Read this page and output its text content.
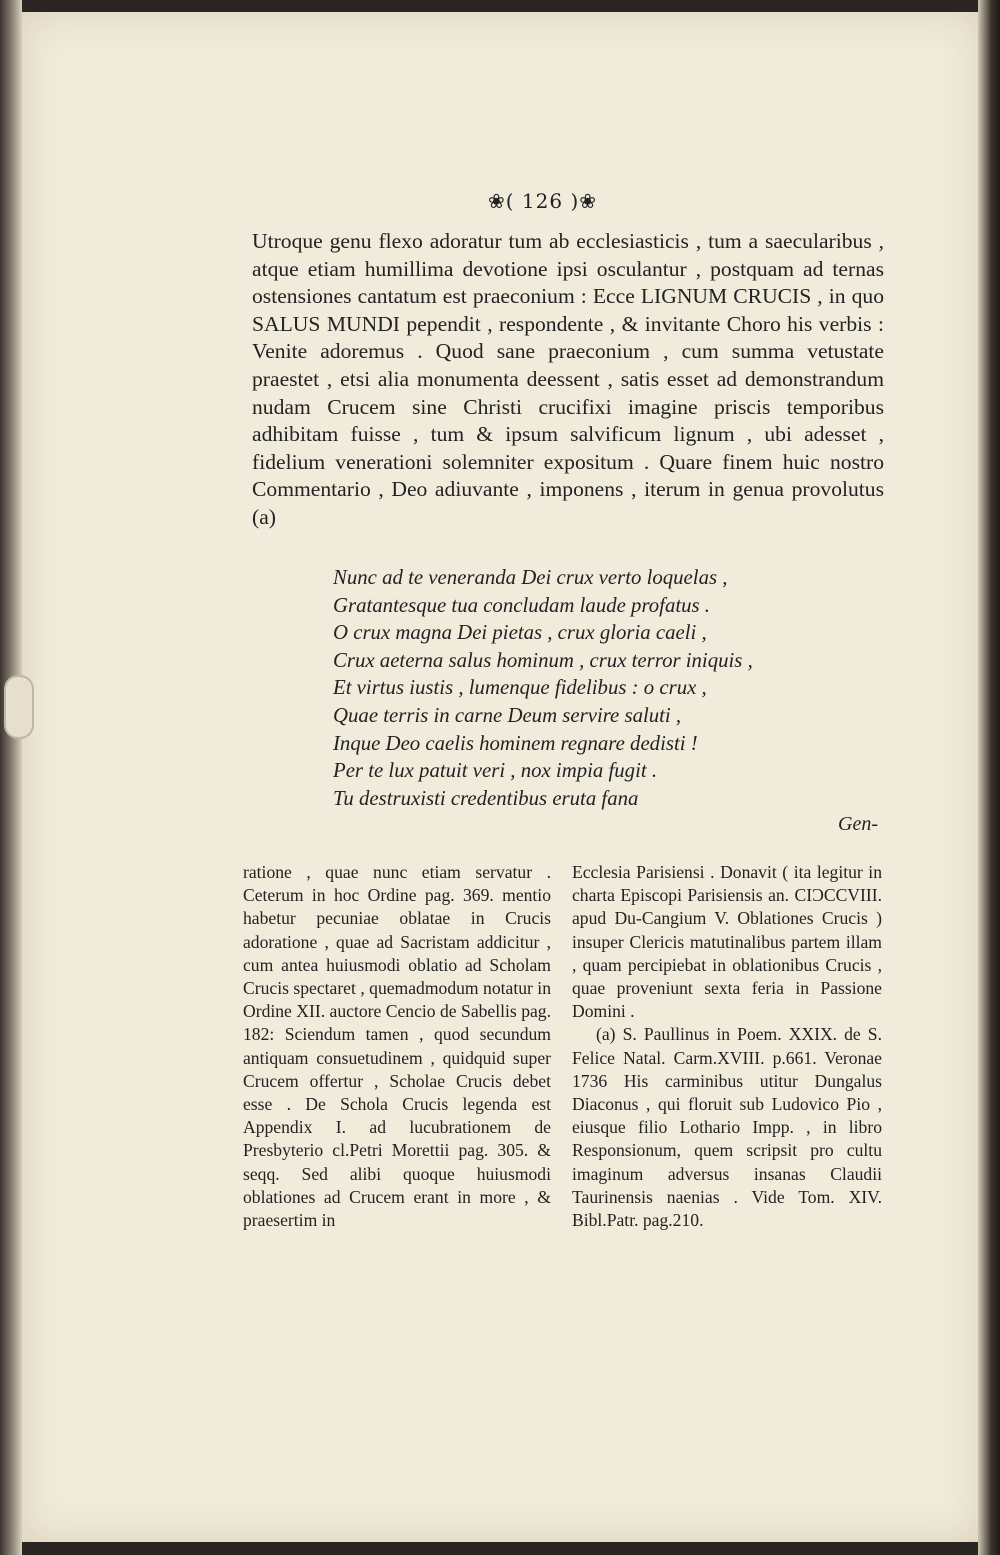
❀( 126 )❀

Utroque genu flexo adoratur tum ab ecclesiasticis , tum a saecularibus , atque etiam humillima devotione ipsi osculantur , postquam ad ternas ostensiones cantatum est praeconium : Ecce LIGNUM CRUCIS , in quo SALUS MUNDI pependit , respondente , & invitante Choro his verbis : Venite adoremus . Quod sane praeconium , cum summa vetustate praestet , etsi alia monumenta deessent , satis esset ad demonstrandum nudam Crucem sine Christi crucifixi imagine priscis temporibus adhibitam fuisse , tum & ipsum salvificum lignum , ubi adesset , fidelium venerationi solemniter expositum . Quare finem huic nostro Commentario , Deo adiuvante , imponens , iterum in genua provolutus (a)

Nunc ad te veneranda Dei crux verto loquelas ,
Gratantesque tua concludam laude profatus .
O crux magna Dei pietas , crux gloria caeli ,
Crux aeterna salus hominum , crux terror iniquis ,
Et virtus iustis , lumenque fidelibus : o crux ,
Quae terris in carne Deum servire saluti ,
Inque Deo caelis hominem regnare dedisti !
Per te lux patuit veri , nox impia fugit .
Tu destruxisti credentibus eruta fana
Gen-

ratione , quae nunc etiam servatur . Ceterum in hoc Ordine pag. 369. mentio habetur pecuniae oblatae in Crucis adoratione , quae ad Sacristam addicitur , cum antea huiusmodi oblatio ad Scholam Crucis spectaret , quemadmodum notatur in Ordine XII. auctore Cencio de Sabellis pag. 182: Sciendum tamen , quod secundum antiquam consuetudinem , quidquid super Crucem offertur , Scholae Crucis debet esse . De Schola Crucis legenda est Appendix I. ad lucubrationem de Presbyterio cl.Petri Morettii pag. 305. & seqq. Sed alibi quoque huiusmodi oblationes ad Crucem erant in more , & praesertim in

Ecclesia Parisiensi . Donavit ( ita legitur in charta Episcopi Parisiensis an. CIƆCCVIII. apud Du-Cangium V. Oblationes Crucis ) insuper Clericis matutinalibus partem illam , quam percipiebat in oblationibus Crucis , quae proveniunt sexta feria in Passione Domini .

(a) S. Paullinus in Poem. XXIX. de S. Felice Natal. Carm.XVIII. p.661. Veronae 1736 His carminibus utitur Dungalus Diaconus , qui floruit sub Ludovico Pio , eiusque filio Lothario Impp. , in libro Responsionum, quem scripsit pro cultu imaginum adversus insanas Claudii Taurinensis naenias . Vide Tom. XIV. Bibl.Patr. pag.210.
